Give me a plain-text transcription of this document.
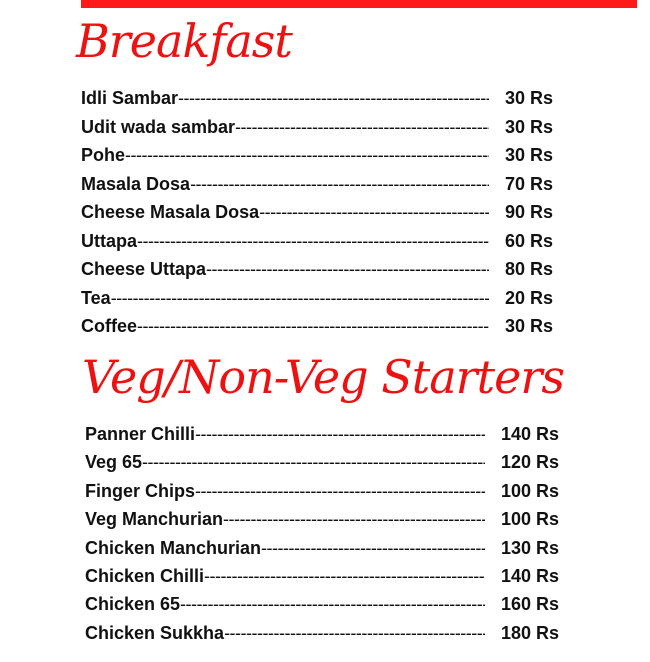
Breakfast
Veg/Non-Veg Starters
Idli Sambar -----	30 Rs
Udit wada sambar -----	30 Rs
Pohe -----	30 Rs
Masala Dosa -----	70 Rs
Cheese Masala Dosa -----	90 Rs
Uttapa -----	60 Rs
Cheese Uttapa -----	80 Rs
Tea -----	20 Rs
Coffee -----	30 Rs
Panner Chilli -----	140 Rs
Veg 65 -----	120 Rs
Finger Chips -----	100 Rs
Veg Manchurian -----	100 Rs
Chicken Manchurian -----	130 Rs
Chicken Chilli -----	140 Rs
Chicken 65 -----	160 Rs
Chicken Sukkha -----	180 Rs
